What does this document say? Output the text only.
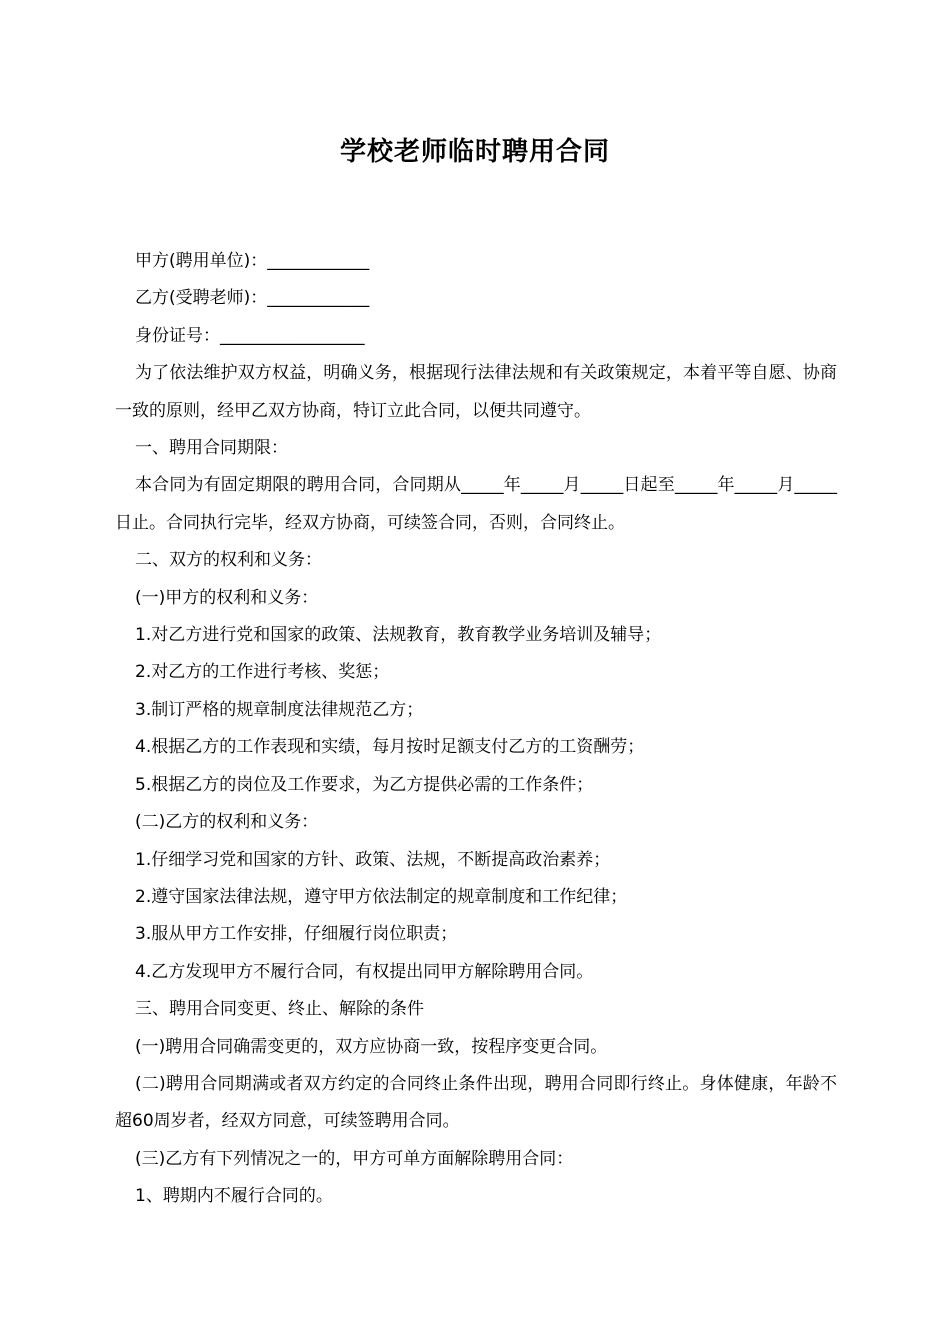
学校老师临时聘用合同

甲方(聘用单位)：____________

乙方(受聘老师)：____________

身份证号：_________________

为了依法维护双方权益，明确义务，根据现行法律法规和有关政策规定，本着平等自愿、协商一致的原则，经甲乙双方协商，特订立此合同，以便共同遵守。

一、聘用合同期限：

本合同为有固定期限的聘用合同，合同期从_____年_____月_____日起至_____年_____月_____日止。合同执行完毕，经双方协商，可续签合同，否则，合同终止。

二、双方的权利和义务：

(一)甲方的权利和义务：

1.对乙方进行党和国家的政策、法规教育，教育教学业务培训及辅导；

2.对乙方的工作进行考核、奖惩；

3.制订严格的规章制度法律规范乙方；

4.根据乙方的工作表现和实绩，每月按时足额支付乙方的工资酬劳；

5.根据乙方的岗位及工作要求，为乙方提供必需的工作条件；

(二)乙方的权利和义务：

1.仔细学习党和国家的方针、政策、法规，不断提高政治素养；

2.遵守国家法律法规，遵守甲方依法制定的规章制度和工作纪律；

3.服从甲方工作安排，仔细履行岗位职责；

4.乙方发现甲方不履行合同，有权提出同甲方解除聘用合同。

三、聘用合同变更、终止、解除的条件

(一)聘用合同确需变更的，双方应协商一致，按程序变更合同。

(二)聘用合同期满或者双方约定的合同终止条件出现，聘用合同即行终止。身体健康，年龄不超60周岁者，经双方同意，可续签聘用合同。

(三)乙方有下列情况之一的，甲方可单方面解除聘用合同：

1、聘期内不履行合同的。
